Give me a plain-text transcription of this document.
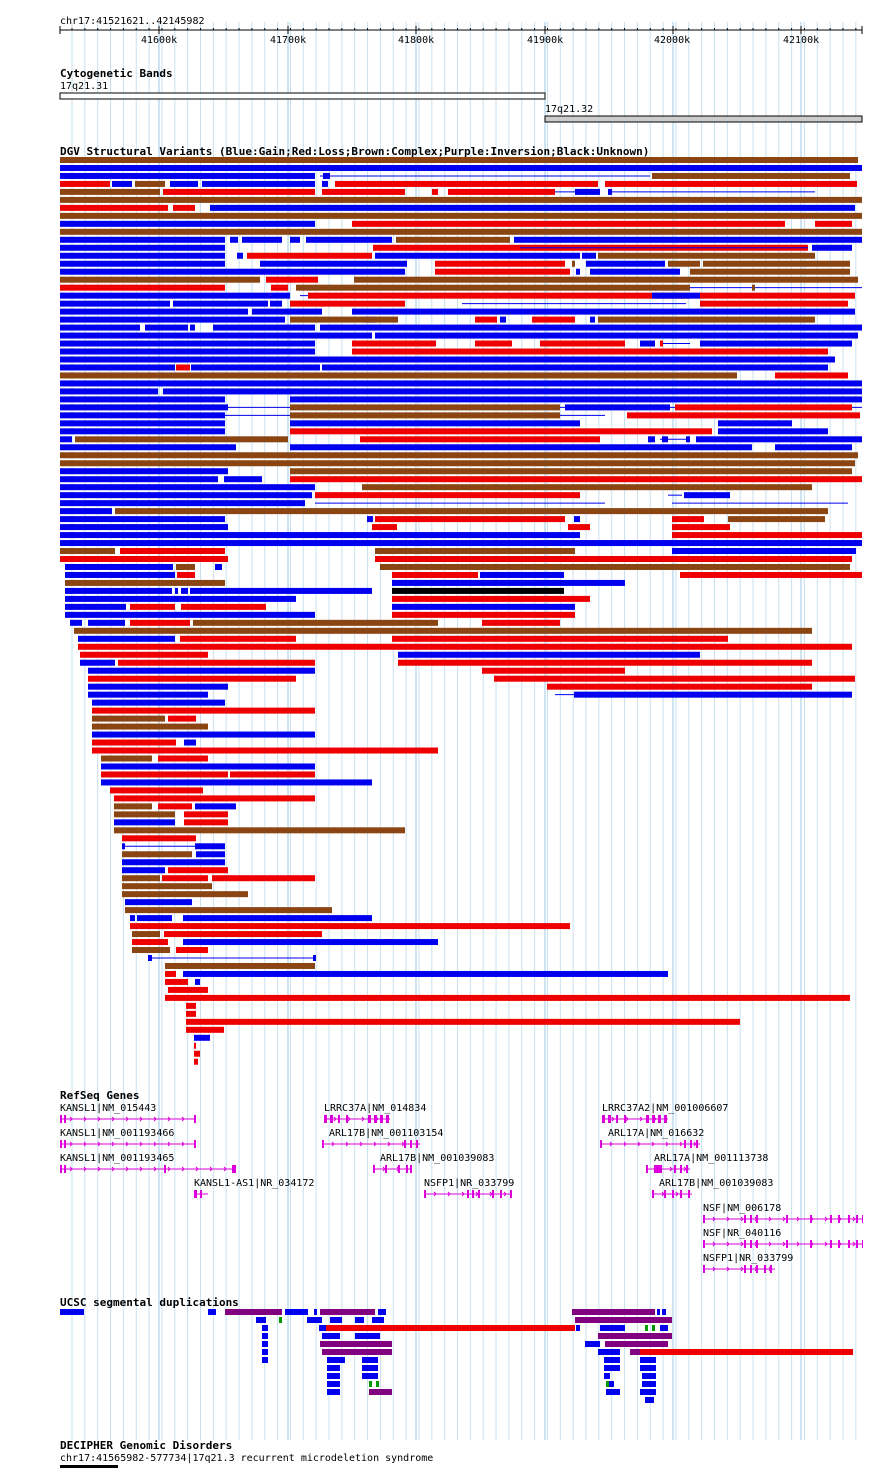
chr17:41521621..42145982
41600k	41700k	41800k	41900k	42000k	42100k
Cytogenetic Bands
17q21.31
17q21.32
DGV Structural Variants (Blue:Gain;Red:Loss;Brown:Complex;Purple:Inversion;Black:Unknown)
RefSeq Genes
KANSL1|NM_015443
KANSL1|NM_001193466
KANSL1|NM_001193465
KANSL1-AS1|NR_034172
LRRC37A|NM_014834
ARL17B|NM_001103154
ARL17B|NM_001039083
NSFP1|NR_033799
LRRC37A2|NM_001006607
ARL17A|NM_016632
ARL17A|NM_001113738
ARL17B|NM_001039083
NSF|NM_006178
NSF|NR_040116
NSFP1|NR_033799
UCSC segmental duplications
DECIPHER Genomic Disorders
chr17:41565982-577734|17q21.3 recurrent microdeletion syndrome
